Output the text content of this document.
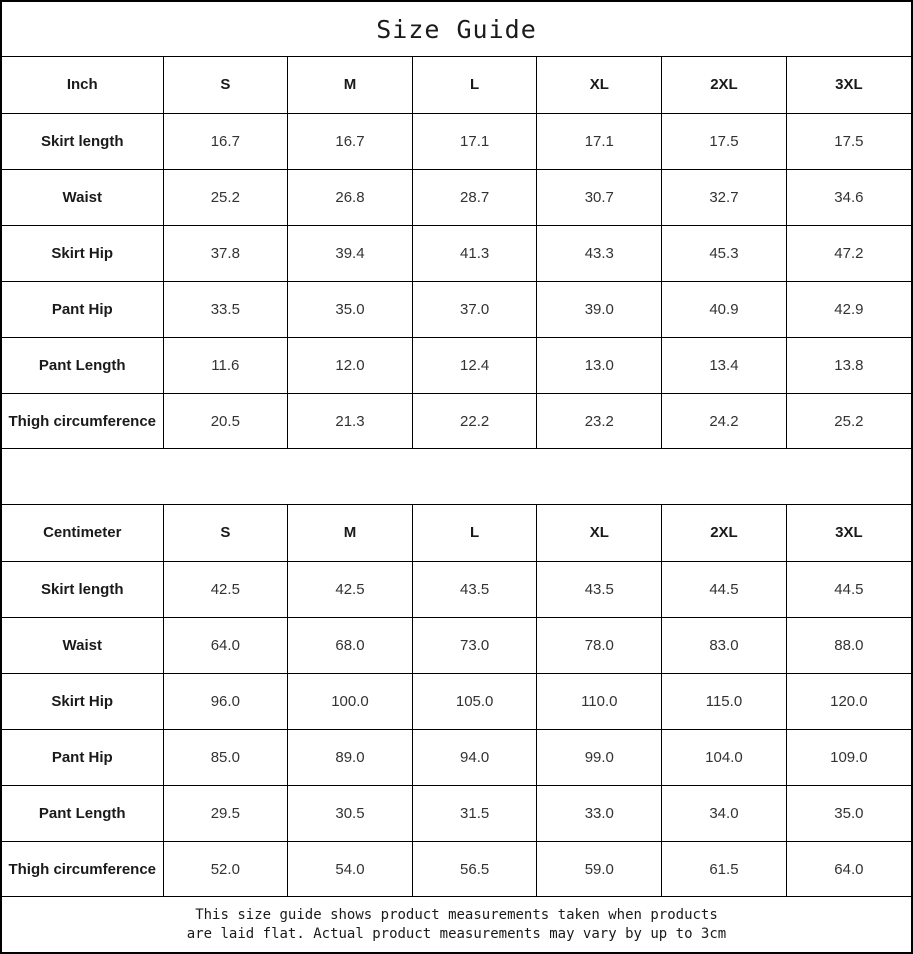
Size Guide
Inch	S	M	L	XL	2XL	3XL
Skirt length	16.7	16.7	17.1	17.1	17.5	17.5
Waist	25.2	26.8	28.7	30.7	32.7	34.6
Skirt Hip	37.8	39.4	41.3	43.3	45.3	47.2
Pant Hip	33.5	35.0	37.0	39.0	40.9	42.9
Pant Length	11.6	12.0	12.4	13.0	13.4	13.8
Thigh circumference	20.5	21.3	22.2	23.2	24.2	25.2
Centimeter	S	M	L	XL	2XL	3XL
Skirt length	42.5	42.5	43.5	43.5	44.5	44.5
Waist	64.0	68.0	73.0	78.0	83.0	88.0
Skirt Hip	96.0	100.0	105.0	110.0	115.0	120.0
Pant Hip	85.0	89.0	94.0	99.0	104.0	109.0
Pant Length	29.5	30.5	31.5	33.0	34.0	35.0
Thigh circumference	52.0	54.0	56.5	59.0	61.5	64.0
This size guide shows product measurements taken when products
are laid flat. Actual product measurements may vary by up to 3cm
